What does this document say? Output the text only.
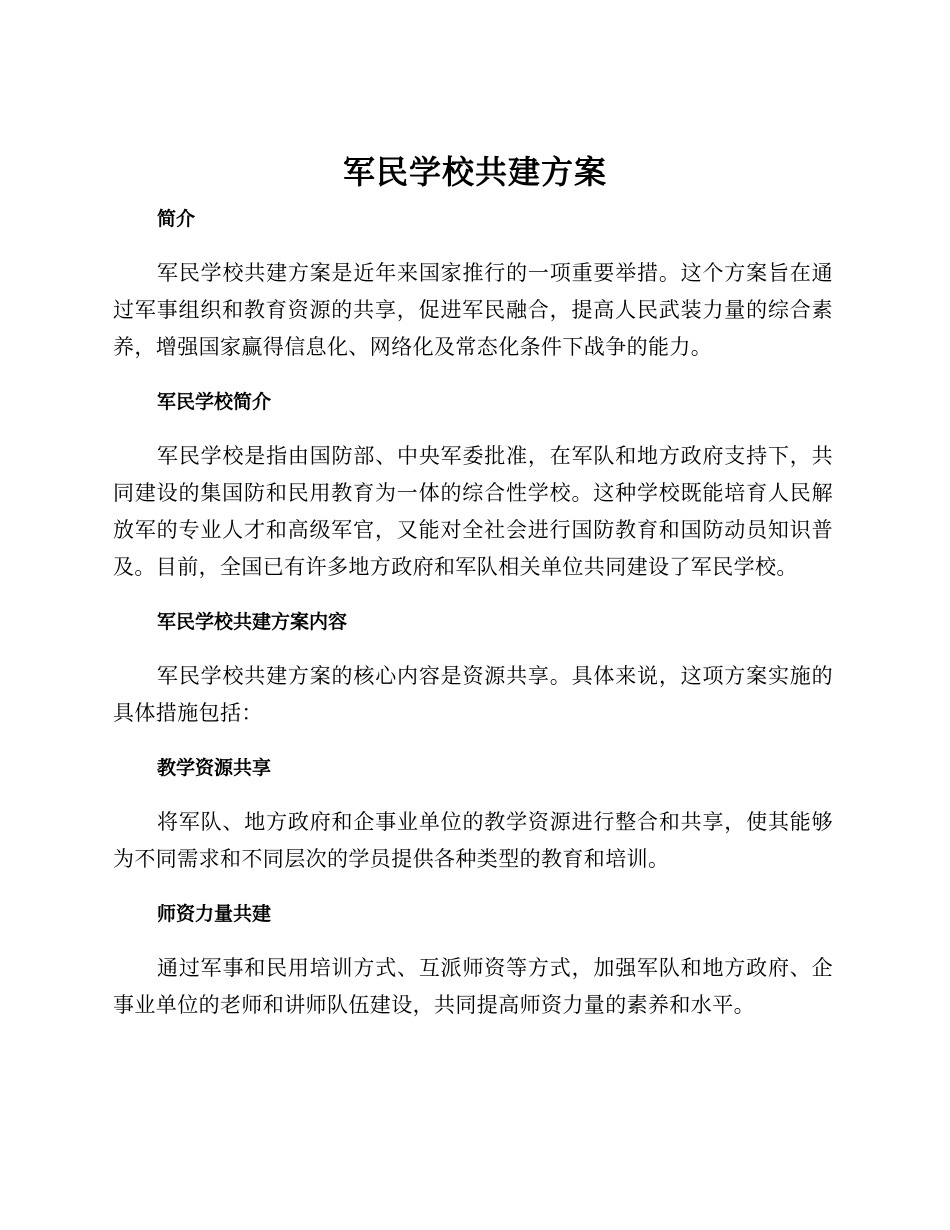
军民学校共建方案
简介

军民学校共建方案是近年来国家推行的一项重要举措。这个方案旨在通过军事组织和教育资源的共享，促进军民融合，提高人民武装力量的综合素养，增强国家赢得信息化、网络化及常态化条件下战争的能力。

军民学校简介

军民学校是指由国防部、中央军委批准，在军队和地方政府支持下，共同建设的集国防和民用教育为一体的综合性学校。这种学校既能培育人民解放军的专业人才和高级军官，又能对全社会进行国防教育和国防动员知识普及。目前，全国已有许多地方政府和军队相关单位共同建设了军民学校。

军民学校共建方案内容

军民学校共建方案的核心内容是资源共享。具体来说，这项方案实施的具体措施包括：

教学资源共享

将军队、地方政府和企事业单位的教学资源进行整合和共享，使其能够为不同需求和不同层次的学员提供各种类型的教育和培训。

师资力量共建

通过军事和民用培训方式、互派师资等方式，加强军队和地方政府、企事业单位的老师和讲师队伍建设，共同提高师资力量的素养和水平。
